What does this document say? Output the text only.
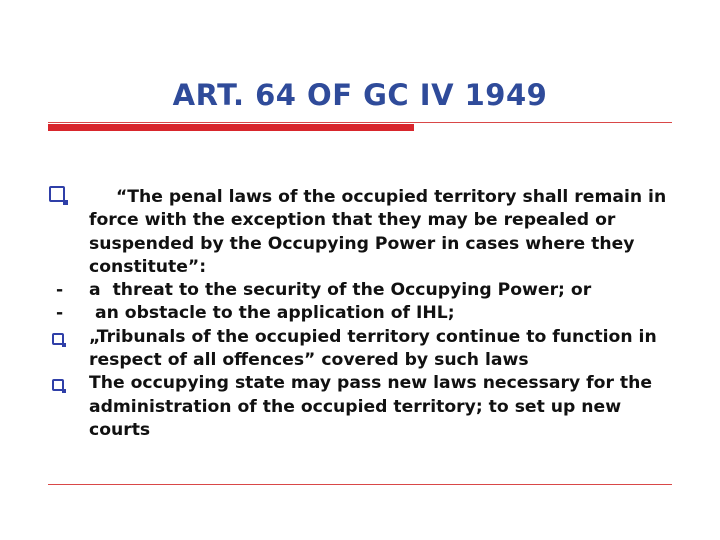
ART. 64 OF GC IV 1949
“The penal laws of the occupied territory shall remain in force with the exception that they may be repealed or suspended by the Occupying Power in cases where they constitute”:
-	a  threat to the security of the Occupying Power; or
-	an obstacle to the application of IHL;
„Tribunals of the occupied territory continue to function in respect of all offences” covered by such laws
The occupying state may pass new laws necessary for the administration of the occupied territory; to set up new courts
